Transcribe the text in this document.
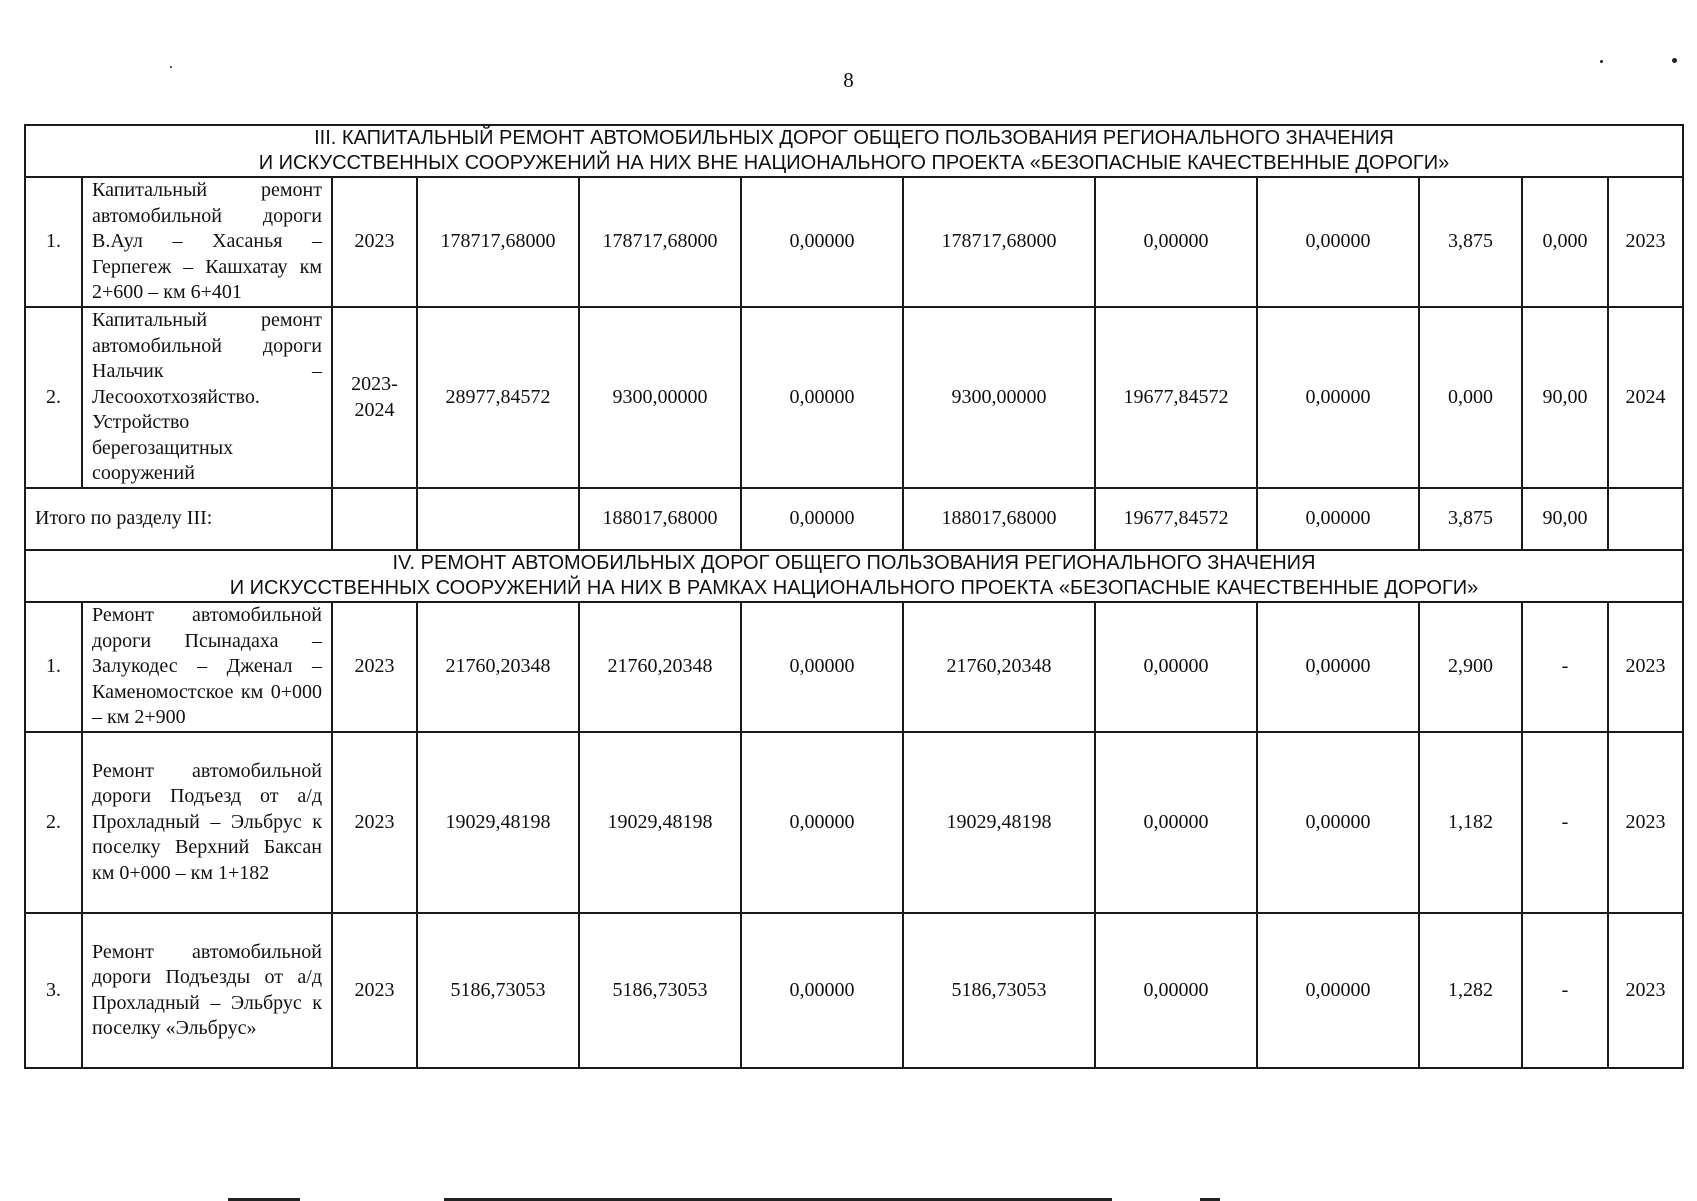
8
III. КАПИТАЛЬНЫЙ РЕМОНТ АВТОМОБИЛЬНЫХ ДОРОГ ОБЩЕГО ПОЛЬЗОВАНИЯ РЕГИОНАЛЬНОГО ЗНАЧЕНИЯ
И ИСКУССТВЕННЫХ СООРУЖЕНИЙ НА НИХ ВНЕ НАЦИОНАЛЬНОГО ПРОЕКТА «БЕЗОПАСНЫЕ КАЧЕСТВЕННЫЕ ДОРОГИ»											

1.	Капитальный ремонт автомобильной дороги В.Аул – Хасанья – Герпегеж – Кашхатау км 2+600 – км 6+401	2023	178717,68000	178717,68000	0,00000	178717,68000	0,00000	0,00000	3,875	0,000	2023
2.	Капитальный ремонт автомобильной дороги Нальчик – Лесоохотхозяйство. Устройство берегозащитных сооружений	2023-2024	28977,84572	9300,00000	0,00000	9300,00000	19677,84572	0,00000	0,000	90,00	2024
Итого по разделу III:				188017,68000	0,00000	188017,68000	19677,84572	0,00000	3,875	90,00	

IV. РЕМОНТ АВТОМОБИЛЬНЫХ ДОРОГ ОБЩЕГО ПОЛЬЗОВАНИЯ РЕГИОНАЛЬНОГО ЗНАЧЕНИЯ
И ИСКУССТВЕННЫХ СООРУЖЕНИЙ НА НИХ В РАМКАХ НАЦИОНАЛЬНОГО ПРОЕКТА «БЕЗОПАСНЫЕ КАЧЕСТВЕННЫЕ ДОРОГИ»											

1.	Ремонт автомобильной дороги Псынадаха – Залукодес – Дженал – Каменомостское км 0+000 – км 2+900	2023	21760,20348	21760,20348	0,00000	21760,20348	0,00000	0,00000	2,900	-	2023
2.	Ремонт автомобильной дороги Подъезд от а/д Прохладный – Эльбрус к поселку Верхний Баксан км 0+000 – км 1+182	2023	19029,48198	19029,48198	0,00000	19029,48198	0,00000	0,00000	1,182	-	2023
3.	Ремонт автомобильной дороги Подъезды от а/д Прохладный – Эльбрус к поселку «Эльбрус»	2023	5186,73053	5186,73053	0,00000	5186,73053	0,00000	0,00000	1,282	-	2023
